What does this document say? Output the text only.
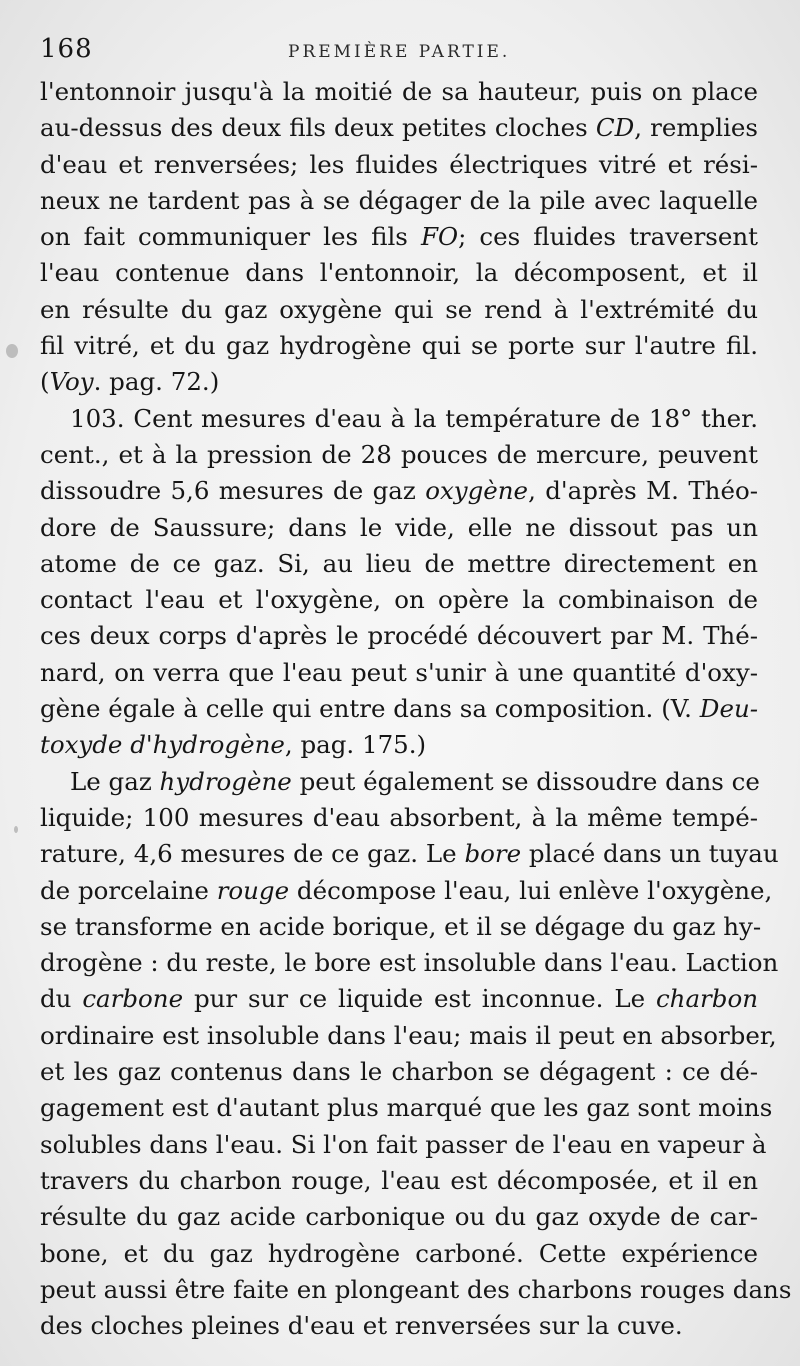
168	PREMIÈRE PARTIE.
l'entonnoir jusqu'à la moitié de sa hauteur, puis on place
au-dessus des deux fils deux petites cloches CD, remplies
d'eau et renversées; les fluides électriques vitré et rési-
neux ne tardent pas à se dégager de la pile avec laquelle
on fait communiquer les fils FO; ces fluides traversent
l'eau contenue dans l'entonnoir, la décomposent, et il
en résulte du gaz oxygène qui se rend à l'extrémité du
fil vitré, et du gaz hydrogène qui se porte sur l'autre fil.
(Voy. pag. 72.)
103. Cent mesures d'eau à la température de 18° ther.
cent., et à la pression de 28 pouces de mercure, peuvent
dissoudre 5,6 mesures de gaz oxygène, d'après M. Théo-
dore de Saussure; dans le vide, elle ne dissout pas un
atome de ce gaz. Si, au lieu de mettre directement en
contact l'eau et l'oxygène, on opère la combinaison de
ces deux corps d'après le procédé découvert par M. Thé-
nard, on verra que l'eau peut s'unir à une quantité d'oxy-
gène égale à celle qui entre dans sa composition. (V. Deu-
toxyde d'hydrogène, pag. 175.)
Le gaz hydrogène peut également se dissoudre dans ce
liquide; 100 mesures d'eau absorbent, à la même tempé-
rature, 4,6 mesures de ce gaz. Le bore placé dans un tuyau
de porcelaine rouge décompose l'eau, lui enlève l'oxygène,
se transforme en acide borique, et il se dégage du gaz hy-
drogène : du reste, le bore est insoluble dans l'eau. Laction
du carbone pur sur ce liquide est inconnue. Le charbon
ordinaire est insoluble dans l'eau; mais il peut en absorber,
et les gaz contenus dans le charbon se dégagent : ce dé-
gagement est d'autant plus marqué que les gaz sont moins
solubles dans l'eau. Si l'on fait passer de l'eau en vapeur à
travers du charbon rouge, l'eau est décomposée, et il en
résulte du gaz acide carbonique ou du gaz oxyde de car-
bone, et du gaz hydrogène carboné. Cette expérience
peut aussi être faite en plongeant des charbons rouges dans
des cloches pleines d'eau et renversées sur la cuve.
